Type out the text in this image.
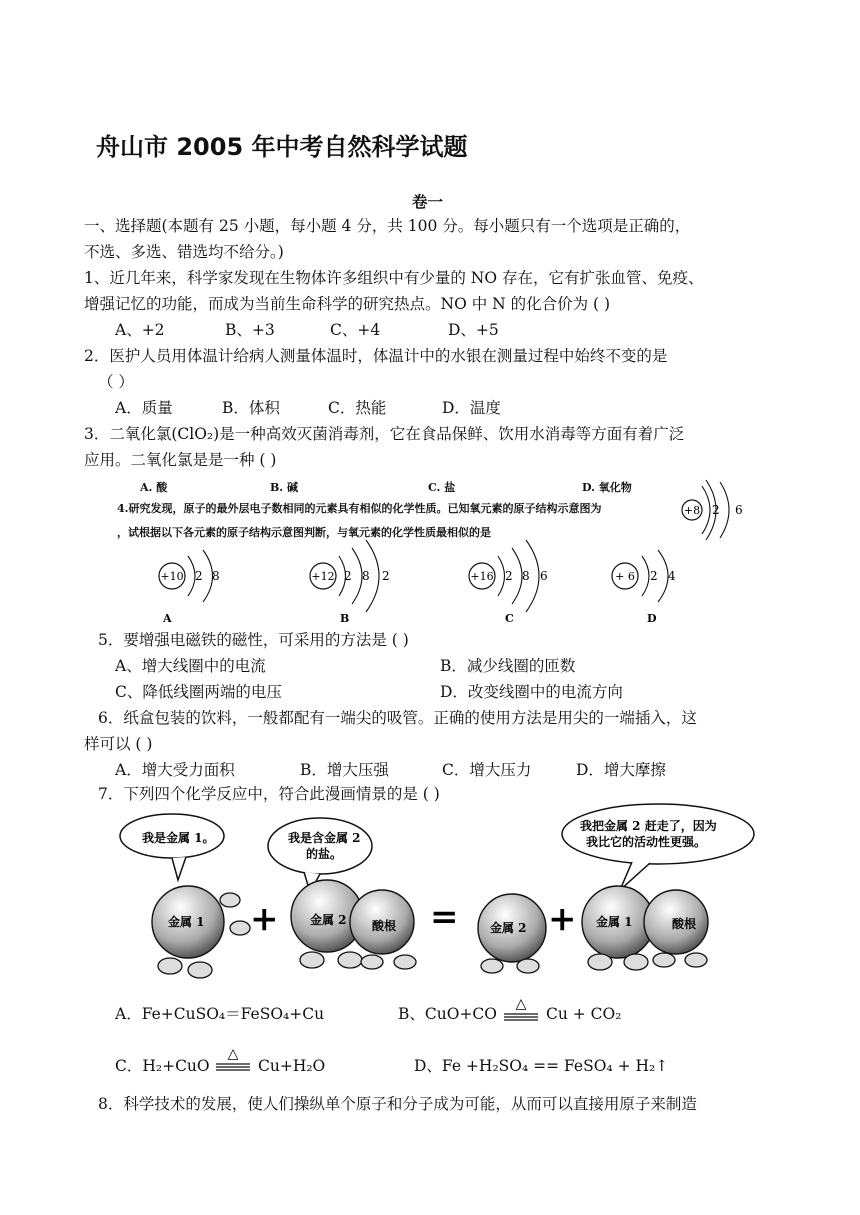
舟山市 2005 年中考自然科学试题
卷一
一、选择题(本题有 25 小题，每小题 4 分，共 100 分。每小题只有一个选项是正确的，
不选、多选、错选均不给分。)
1、近几年来，科学家发现在生物体许多组织中有少量的 NO 存在，它有扩张血管、免疫、
增强记忆的功能，而成为当前生命科学的研究热点。NO 中 N 的化合价为 ( )
A、+2	B、+3	C、+4	D、+5
2．医护人员用体温计给病人测量体温时，体温计中的水银在测量过程中始终不变的是
（ ）
A．质量	B．体积	C．热能	D．温度
3．二氧化氯(ClO₂)是一种高效灭菌消毒剂，它在食品保鲜、饮用水消毒等方面有着广泛
应用。二氧化氯是是一种 ( )
A. 酸	B. 碱	C. 盐	D. 氧化物
4.研究发现，原子的最外层电子数相同的元素具有相似的化学性质。已知氧元素的原子结构示意图为
，试根据以下各元素的原子结构示意图判断，与氧元素的化学性质最相似的是
+8 2 6
+10 2 8
A
+12 2 8 2
B
+16 2 8 6
C
+ 6 2 4
D
5．要增强电磁铁的磁性，可采用的方法是 ( )
A、增大线圈中的电流	B．减少线圈的匝数
C、降低线圈两端的电压	D．改变线圈中的电流方向
6．纸盒包装的饮料，一般都配有一端尖的吸管。正确的使用方法是用尖的一端插入，这
样可以 ( )
A．增大受力面积	B．增大压强	C．增大压力	D．增大摩擦
7．下列四个化学反应中，符合此漫画情景的是 ( )
我是金属 1。	我是含金属 2
的盐。
我把金属 2 赶走了，因为
我比它的活动性更强。
金属 1	金属 2 酸根	金属 2	金属 1	酸根
+	=	+
A．Fe+CuSO₄＝FeSO₄+Cu	B、CuO+CO
△
Cu + CO₂
C．H₂+CuO
△
Cu+H₂O	D、Fe +H₂SO₄ == FeSO₄ + H₂↑
8．科学技术的发展，使人们操纵单个原子和分子成为可能，从而可以直接用原子来制造
